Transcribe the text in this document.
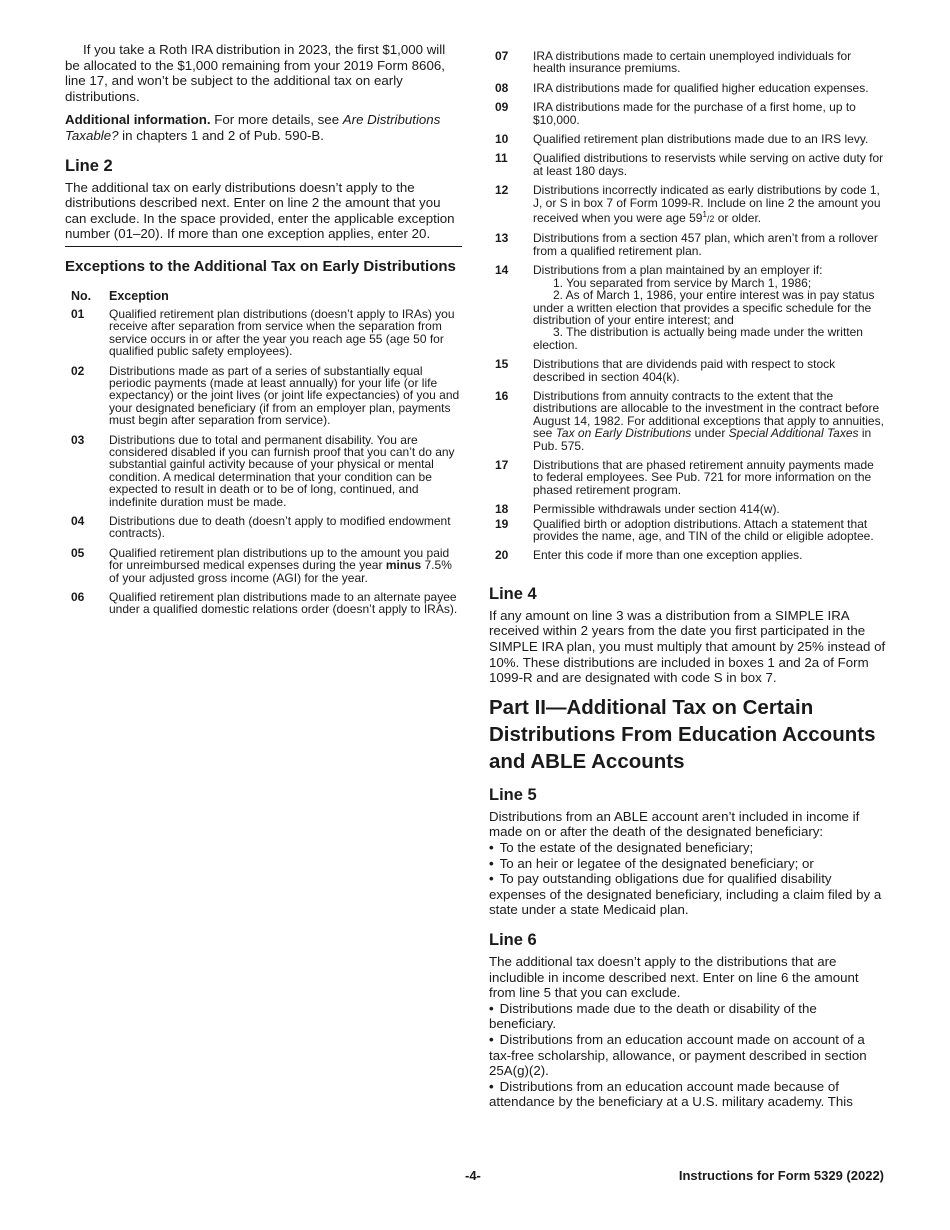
If you take a Roth IRA distribution in 2023, the first $1,000 will be allocated to the $1,000 remaining from your 2019 Form 8606, line 17, and won’t be subject to the additional tax on early distributions.

Additional information. For more details, see Are Distributions Taxable? in chapters 1 and 2 of Pub. 590-B.

Line 2

The additional tax on early distributions doesn’t apply to the distributions described next. Enter on line 2 the amount that you can exclude. In the space provided, enter the applicable exception number (01–20). If more than one exception applies, enter 20.

Exceptions to the Additional Tax on Early Distributions
No.	Exception
01	Qualified retirement plan distributions (doesn’t apply to IRAs) you receive after separation from service when the separation from service occurs in or after the year you reach age 55 (age 50 for qualified public safety employees).
02	Distributions made as part of a series of substantially equal periodic payments (made at least annually) for your life (or life expectancy) or the joint lives (or joint life expectancies) of you and your designated beneficiary (if from an employer plan, payments must begin after separation from service).
03	Distributions due to total and permanent disability. You are considered disabled if you can furnish proof that you can’t do any substantial gainful activity because of your physical or mental condition. A medical determination that your condition can be expected to result in death or to be of long, continued, and indefinite duration must be made.
04	Distributions due to death (doesn’t apply to modified endowment contracts).
05	Qualified retirement plan distributions up to the amount you paid for unreimbursed medical expenses during the year minus 7.5% of your adjusted gross income (AGI) for the year.
06	Qualified retirement plan distributions made to an alternate payee under a qualified domestic relations order (doesn’t apply to IRAs).
07	IRA distributions made to certain unemployed individuals for health insurance premiums.
08	IRA distributions made for qualified higher education expenses.
09	IRA distributions made for the purchase of a first home, up to $10,000.
10	Qualified retirement plan distributions made due to an IRS levy.
11	Qualified distributions to reservists while serving on active duty for at least 180 days.
12	Distributions incorrectly indicated as early distributions by code 1, J, or S in box 7 of Form 1099-R. Include on line 2 the amount you received when you were age $59^1/2$ or older.
13	Distributions from a section 457 plan, which aren’t from a rollover from a qualified retirement plan.
14	Distributions from a plan maintained by an employer if:
1. You separated from service by March 1, 1986;
2. As of March 1, 1986, your entire interest was in pay status under a written election that provides a specific schedule for the distribution of your entire interest; and
3. The distribution is actually being made under the written election.
15	Distributions that are dividends paid with respect to stock described in section 404(k).
16	Distributions from annuity contracts to the extent that the distributions are allocable to the investment in the contract before August 14, 1982. For additional exceptions that apply to annuities, see Tax on Early Distributions under Special Additional Taxes in Pub. 575.
17	Distributions that are phased retirement annuity payments made to federal employees. See Pub. 721 for more information on the phased retirement program.
18	Permissible withdrawals under section 414(w).
19	Qualified birth or adoption distributions. Attach a statement that provides the name, age, and TIN of the child or eligible adoptee.
20	Enter this code if more than one exception applies.
Line 4

If any amount on line 3 was a distribution from a SIMPLE IRA received within 2 years from the date you first participated in the SIMPLE IRA plan, you must multiply that amount by 25% instead of 10%. These distributions are included in boxes 1 and 2a of Form 1099-R and are designated with code S in box 7.

Part II—Additional Tax on Certain Distributions From Education Accounts and ABLE Accounts
Line 5

Distributions from an ABLE account aren’t included in income if made on or after the death of the designated beneficiary:

• To the estate of the designated beneficiary;

• To an heir or legatee of the designated beneficiary; or

• To pay outstanding obligations due for qualified disability expenses of the designated beneficiary, including a claim filed by a state under a state Medicaid plan.

Line 6

The additional tax doesn’t apply to the distributions that are includible in income described next. Enter on line 6 the amount from line 5 that you can exclude.

• Distributions made due to the death or disability of the beneficiary.

• Distributions from an education account made on account of a tax-free scholarship, allowance, or payment described in section 25A(g)(2).

• Distributions from an education account made because of attendance by the beneficiary at a U.S. military academy. This

-4-	Instructions for Form 5329 (2022)
